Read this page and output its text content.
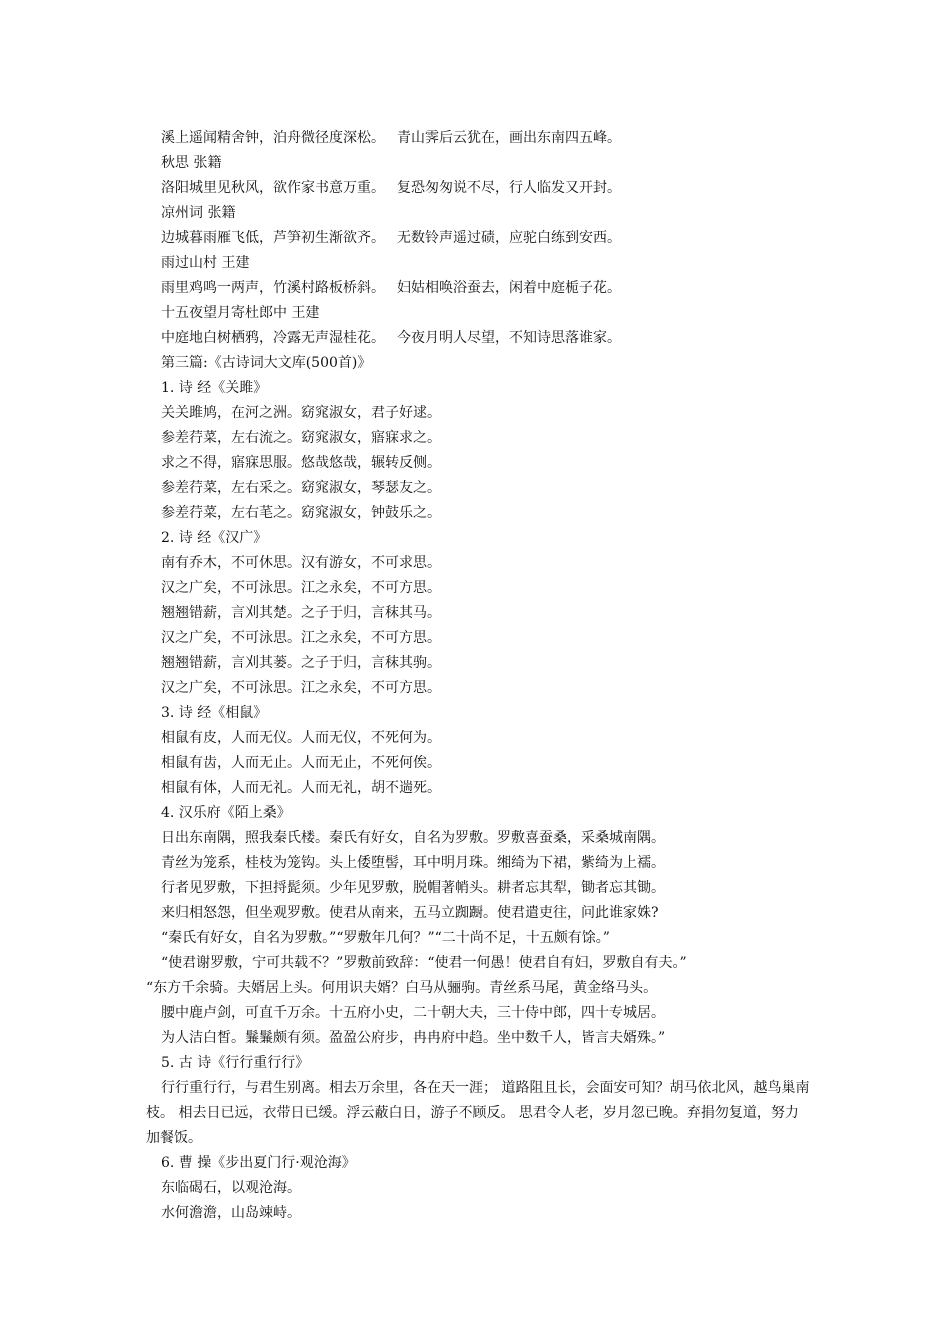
溪上遥闻精舍钟，泊舟微径度深松。 青山霁后云犹在，画出东南四五峰。
秋思 张籍
洛阳城里见秋风，欲作家书意万重。 复恐匆匆说不尽，行人临发又开封。
凉州词 张籍
边城暮雨雁飞低，芦笋初生渐欲齐。 无数铃声遥过碛，应驼白练到安西。
雨过山村 王建
雨里鸡鸣一两声，竹溪村路板桥斜。 妇姑相唤浴蚕去，闲着中庭栀子花。
十五夜望月寄杜郎中 王建
中庭地白树栖鸦，冷露无声湿桂花。 今夜月明人尽望，不知诗思落谁家。
第三篇:《古诗词大文库(500首)》
1. 诗 经《关雎》
关关雎鸠，在河之洲。窈窕淑女，君子好逑。
参差荇菜，左右流之。窈窕淑女，寤寐求之。
求之不得，寤寐思服。悠哉悠哉，辗转反侧。
参差荇菜，左右采之。窈窕淑女，琴瑟友之。
参差荇菜，左右芼之。窈窕淑女，钟鼓乐之。
2. 诗 经《汉广》
南有乔木，不可休思。汉有游女，不可求思。
汉之广矣，不可泳思。江之永矣，不可方思。
翘翘错薪，言刈其楚。之子于归，言秣其马。
汉之广矣，不可泳思。江之永矣，不可方思。
翘翘错薪，言刈其蒌。之子于归，言秣其驹。
汉之广矣，不可泳思。江之永矣，不可方思。
3. 诗 经《相鼠》
相鼠有皮，人而无仪。人而无仪，不死何为。
相鼠有齿，人而无止。人而无止，不死何俟。
相鼠有体，人而无礼。人而无礼，胡不遄死。
4. 汉乐府《陌上桑》
日出东南隅，照我秦氏楼。秦氏有好女，自名为罗敷。罗敷喜蚕桑，采桑城南隅。
青丝为笼系，桂枝为笼钩。头上倭堕髻，耳中明月珠。缃绮为下裙，紫绮为上襦。
行者见罗敷，下担捋髭须。少年见罗敷，脱帽著帩头。耕者忘其犁，锄者忘其锄。
来归相怒怨，但坐观罗敷。使君从南来，五马立踟蹰。使君遣吏往，问此谁家姝?
“秦氏有好女，自名为罗敷。”“罗敷年几何？”“二十尚不足，十五颇有馀。”
“使君谢罗敷，宁可共载不？”罗敷前致辞：“使君一何愚！使君自有妇，罗敷自有夫。”
“东方千余骑。夫婿居上头。何用识夫婿？白马从骊驹。青丝系马尾，黄金络马头。
腰中鹿卢剑，可直千万余。十五府小史，二十朝大夫，三十侍中郎，四十专城居。
为人洁白皙。鬑鬑颇有须。盈盈公府步，冉冉府中趋。坐中数千人，皆言夫婿殊。”
5. 古 诗《行行重行行》
行行重行行，与君生别离。相去万余里，各在天一涯； 道路阻且长，会面安可知？胡马依北风，越鸟巢南枝。 相去日已远，衣带日已缓。浮云蔽白日，游子不顾反。 思君令人老，岁月忽已晚。弃捐勿复道，努力加餐饭。
6. 曹 操《步出夏门行·观沧海》
东临碣石，以观沧海。
水何澹澹，山岛竦峙。
